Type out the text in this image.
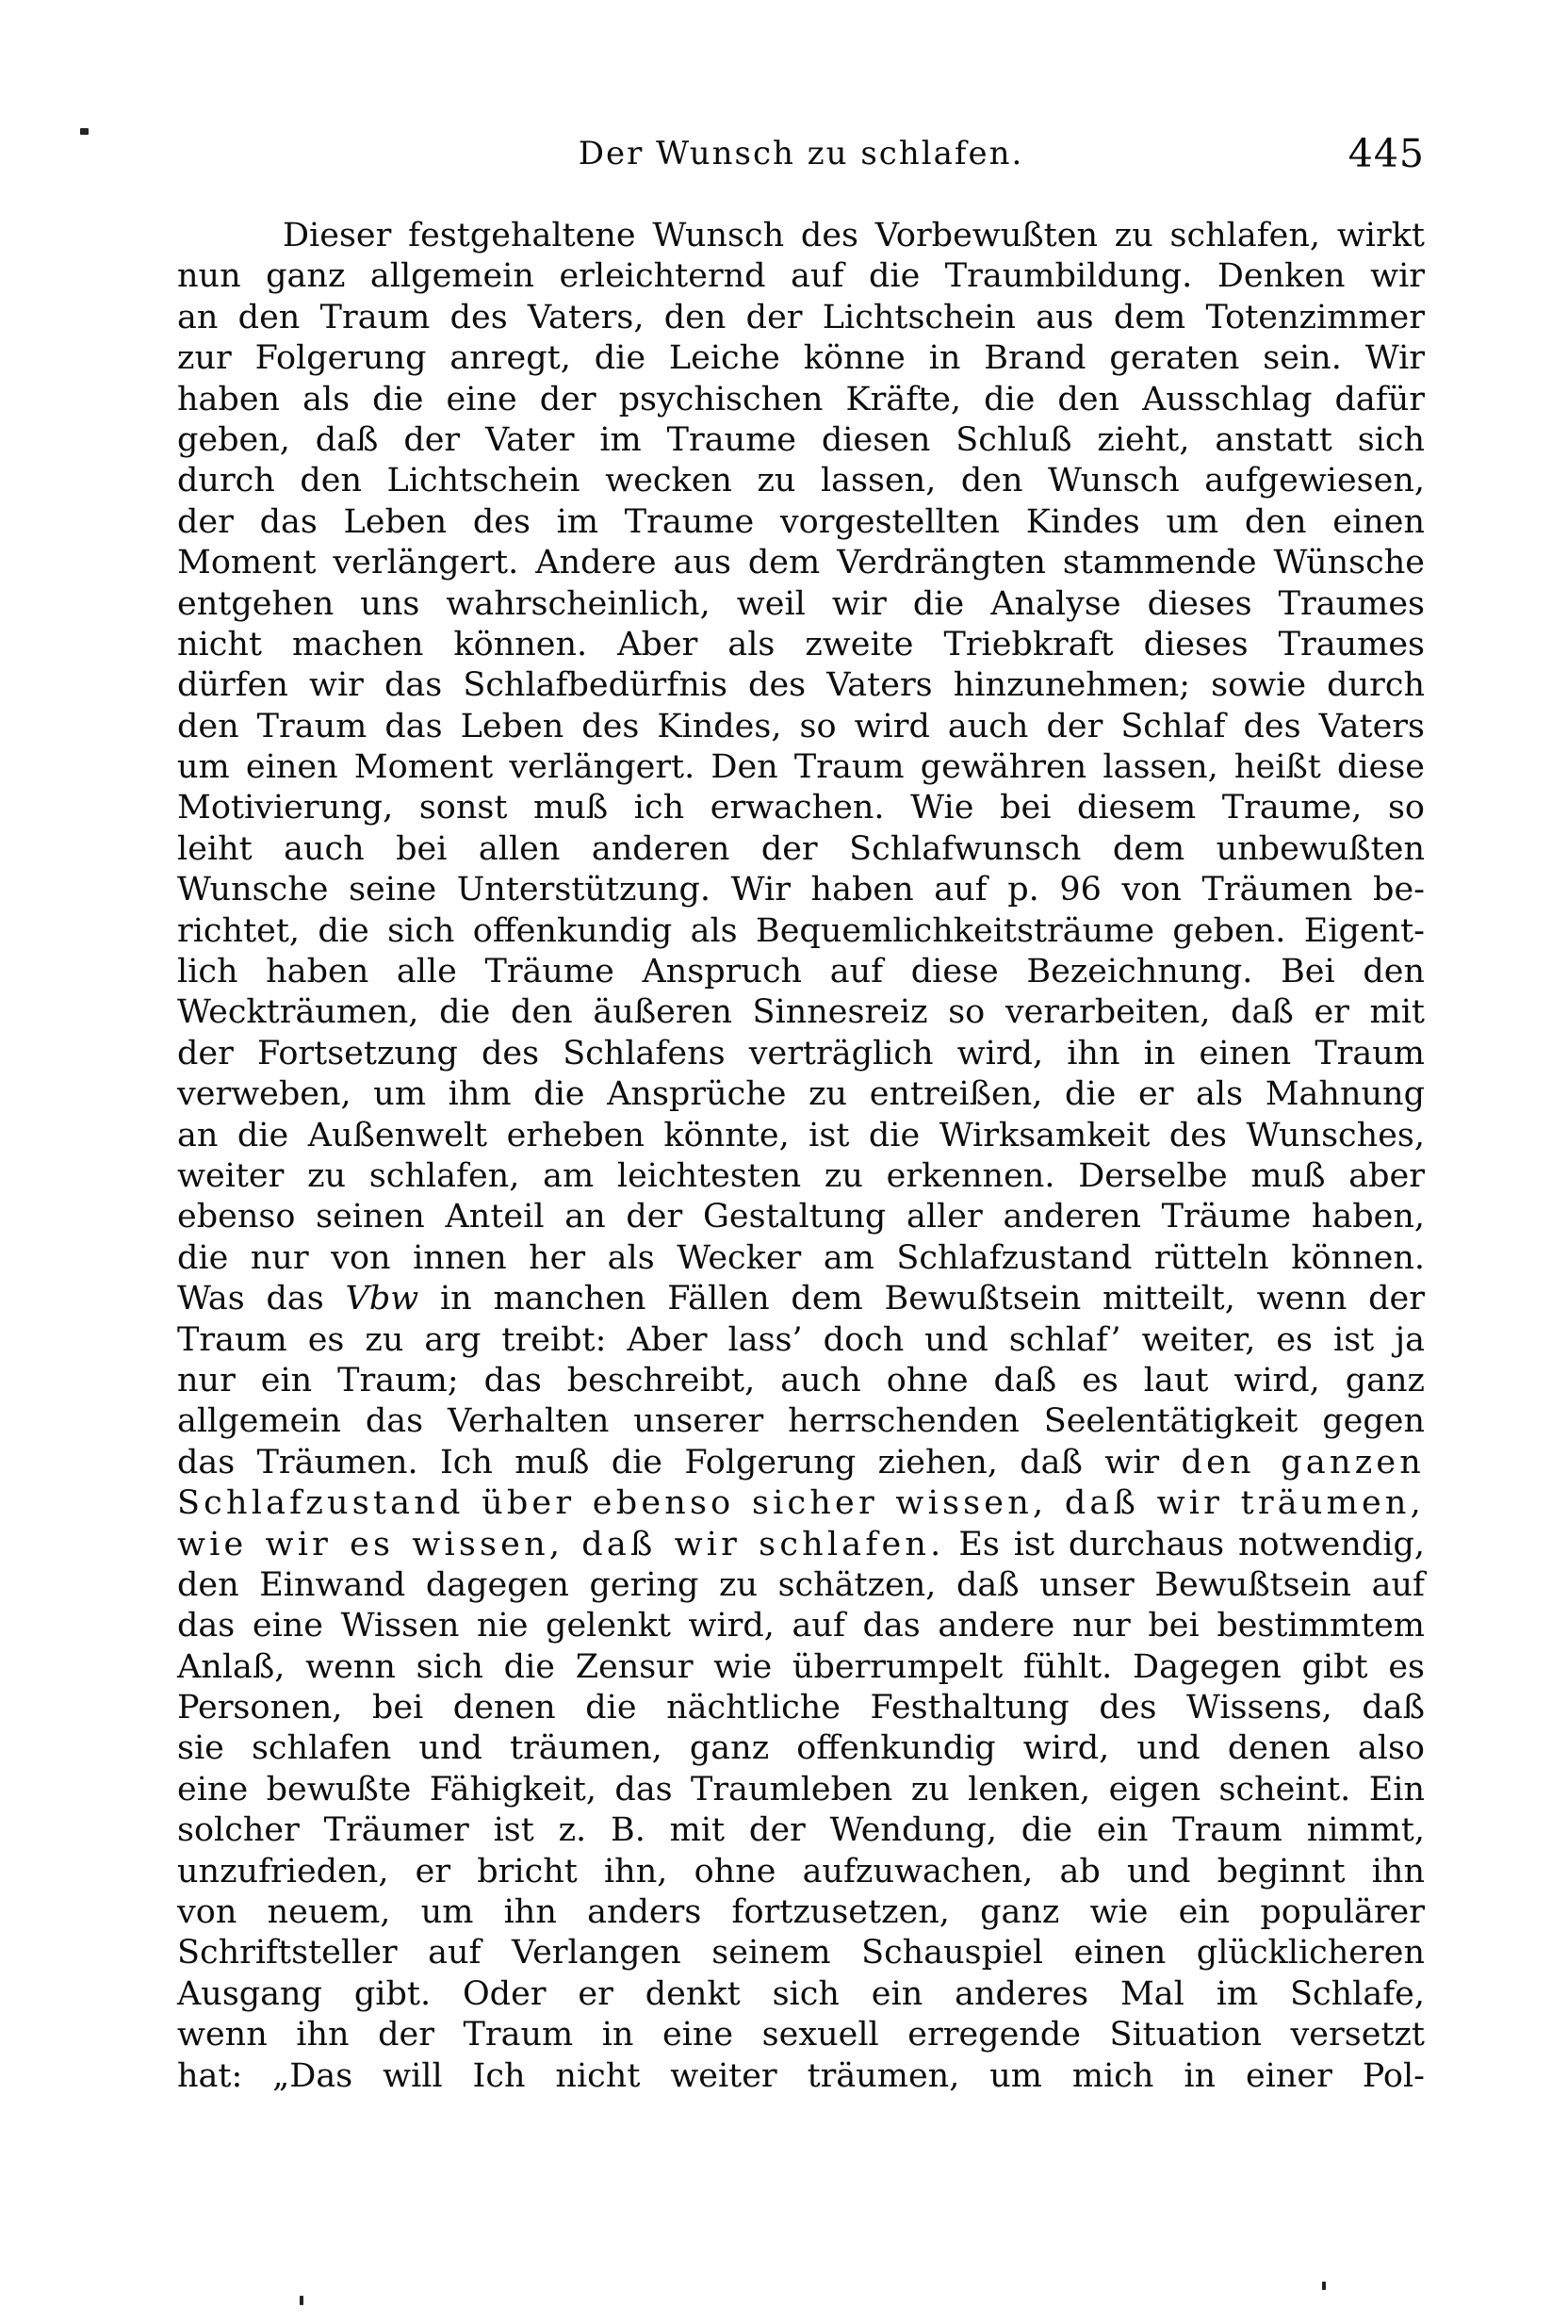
Der Wunsch zu schlafen.	445
Dieser festgehaltene Wunsch des Vorbewußten zu schlafen, wirkt
nun ganz allgemein erleichternd auf die Traumbildung. Denken wir
an den Traum des Vaters, den der Lichtschein aus dem Totenzimmer
zur Folgerung anregt, die Leiche könne in Brand geraten sein. Wir
haben als die eine der psychischen Kräfte, die den Ausschlag dafür
geben, daß der Vater im Traume diesen Schluß zieht, anstatt sich
durch den Lichtschein wecken zu lassen, den Wunsch aufgewiesen,
der das Leben des im Traume vorgestellten Kindes um den einen
Moment verlängert. Andere aus dem Verdrängten stammende Wünsche
entgehen uns wahrscheinlich, weil wir die Analyse dieses Traumes
nicht machen können. Aber als zweite Triebkraft dieses Traumes
dürfen wir das Schlafbedürfnis des Vaters hinzunehmen; sowie durch
den Traum das Leben des Kindes, so wird auch der Schlaf des Vaters
um einen Moment verlängert. Den Traum gewähren lassen, heißt diese
Motivierung, sonst muß ich erwachen. Wie bei diesem Traume, so
leiht auch bei allen anderen der Schlafwunsch dem unbewußten
Wunsche seine Unterstützung. Wir haben auf p. 96 von Träumen be-
richtet, die sich offenkundig als Bequemlichkeitsträume geben. Eigent-
lich haben alle Träume Anspruch auf diese Bezeichnung. Bei den
Weckträumen, die den äußeren Sinnesreiz so verarbeiten, daß er mit
der Fortsetzung des Schlafens verträglich wird, ihn in einen Traum
verweben, um ihm die Ansprüche zu entreißen, die er als Mahnung
an die Außenwelt erheben könnte, ist die Wirksamkeit des Wunsches,
weiter zu schlafen, am leichtesten zu erkennen. Derselbe muß aber
ebenso seinen Anteil an der Gestaltung aller anderen Träume haben,
die nur von innen her als Wecker am Schlafzustand rütteln können.
Was das Vbw in manchen Fällen dem Bewußtsein mitteilt, wenn der
Traum es zu arg treibt: Aber lass’ doch und schlaf’ weiter, es ist ja
nur ein Traum; das beschreibt, auch ohne daß es laut wird, ganz
allgemein das Verhalten unserer herrschenden Seelentätigkeit gegen
das Träumen. Ich muß die Folgerung ziehen, daß wir den ganzen
Schlafzustand über ebenso sicher wissen, daß wir träumen,
wie wir es wissen, daß wir schlafen. Es ist durchaus notwendig,
den Einwand dagegen gering zu schätzen, daß unser Bewußtsein auf
das eine Wissen nie gelenkt wird, auf das andere nur bei bestimmtem
Anlaß, wenn sich die Zensur wie überrumpelt fühlt. Dagegen gibt es
Personen, bei denen die nächtliche Festhaltung des Wissens, daß
sie schlafen und träumen, ganz offenkundig wird, und denen also
eine bewußte Fähigkeit, das Traumleben zu lenken, eigen scheint. Ein
solcher Träumer ist z. B. mit der Wendung, die ein Traum nimmt,
unzufrieden, er bricht ihn, ohne aufzuwachen, ab und beginnt ihn
von neuem, um ihn anders fortzusetzen, ganz wie ein populärer
Schriftsteller auf Verlangen seinem Schauspiel einen glücklicheren
Ausgang gibt. Oder er denkt sich ein anderes Mal im Schlafe,
wenn ihn der Traum in eine sexuell erregende Situation versetzt
hat: „Das will Ich nicht weiter träumen, um mich in einer Pol-
